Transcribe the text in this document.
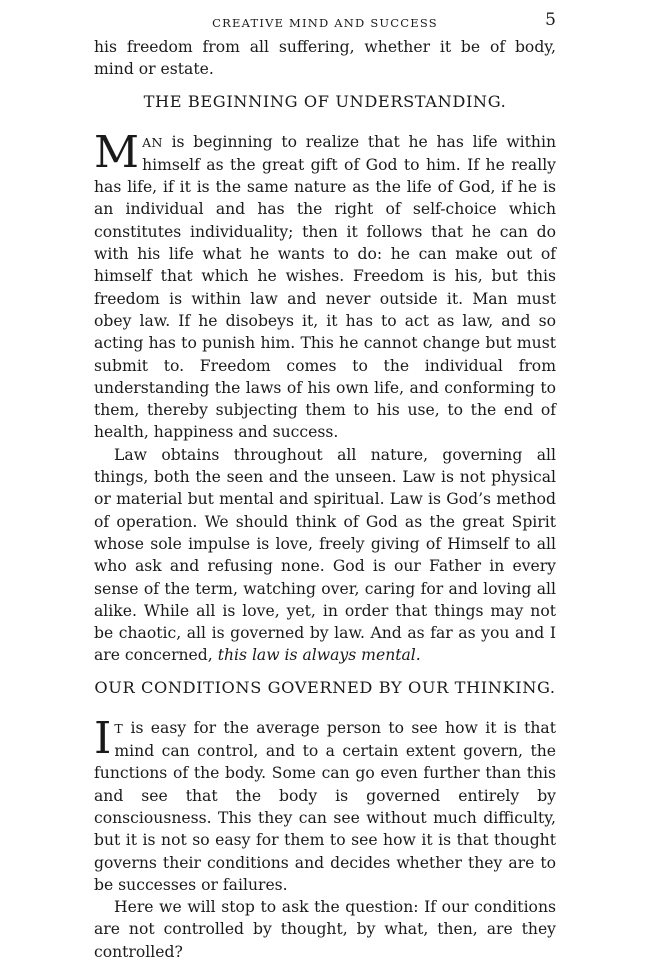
CREATIVE MIND AND SUCCESS	5

his freedom from all suffering, whether it be of body, mind or estate.

THE BEGINNING OF UNDERSTANDING.

MAN is beginning to realize that he has life within himself as the great gift of God to him. If he really has life, if it is the same nature as the life of God, if he is an individual and has the right of self-choice which constitutes individuality; then it follows that he can do with his life what he wants to do: he can make out of himself that which he wishes. Freedom is his, but this freedom is within law and never outside it. Man must obey law. If he disobeys it, it has to act as law, and so acting has to punish him. This he cannot change but must submit to. Freedom comes to the individual from understanding the laws of his own life, and conforming to them, thereby subjecting them to his use, to the end of health, happiness and success.

Law obtains throughout all nature, governing all things, both the seen and the unseen. Law is not physical or material but mental and spiritual. Law is God’s method of operation. We should think of God as the great Spirit whose sole impulse is love, freely giving of Himself to all who ask and refusing none. God is our Father in every sense of the term, watching over, caring for and loving all alike. While all is love, yet, in order that things may not be chaotic, all is governed by law. And as far as you and I are concerned, this law is always mental.

OUR CONDITIONS GOVERNED BY OUR THINKING.

I T is easy for the average person to see how it is that mind can control, and to a certain extent govern, the functions of the body. Some can go even further than this and see that the body is governed entirely by consciousness. This they can see without much difficulty, but it is not so easy for them to see how it is that thought governs their conditions and decides whether they are to be successes or failures.

Here we will stop to ask the question: If our conditions are not controlled by thought, by what, then, are they controlled?
